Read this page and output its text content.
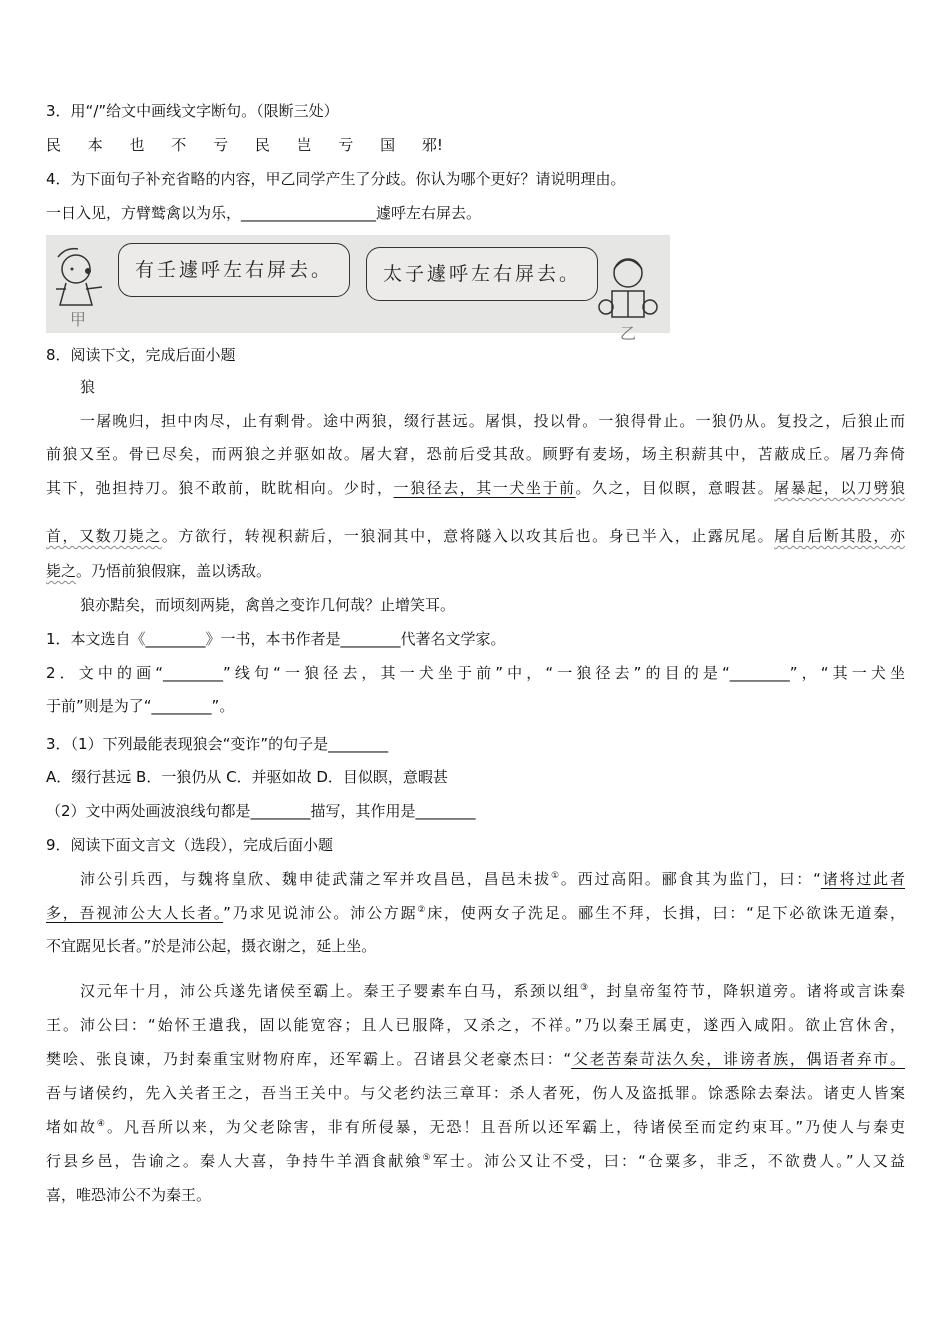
3．用“/”给文中画线文字断句。（限断三处）
民 本 也 不 亏 民 岂 亏 国 邪!
4．为下面句子补充省略的内容，甲乙同学产生了分歧。你认为哪个更好？请说明理由。
一日入见，方臂鹫禽以为乐，__________________遽呼左右屏去。
甲
有壬遽呼左右屏去。	太子遽呼左右屏去。
乙
8．阅读下文，完成后面小题
狼
一屠晚归，担中肉尽，止有剩骨。途中两狼，缀行甚远。屠惧，投以骨。一狼得骨止。一狼仍从。复投之，后狼止而
前狼又至。骨已尽矣，而两狼之并驱如故。屠大窘，恐前后受其敌。顾野有麦场，场主积薪其中，苫蔽成丘。屠乃奔倚
其下，弛担持刀。狼不敢前，眈眈相向。少时，一狼径去，其一犬坐于前。久之，目似瞑，意暇甚。屠暴起，以刀劈狼
首，又数刀毙之。方欲行，转视积薪后，一狼洞其中，意将隧入以攻其后也。身已半入，止露尻尾。屠自后断其股，亦
毙之。乃悟前狼假寐，盖以诱敌。
狼亦黠矣，而顷刻两毙，禽兽之变诈几何哉？止增笑耳。
1．本文选自《________》一书，本书作者是________代著名文学家。
2．文中的画“________”线句“一狼径去，其一犬坐于前”中，“一狼径去”的目的是“________”，“其一犬坐
于前”则是为了“________”。
3．（1）下列最能表现狼会“变诈”的句子是________
A．缀行甚远 B．一狼仍从 C．并驱如故 D．目似瞑，意暇甚
（2）文中两处画波浪线句都是________描写，其作用是________
9．阅读下面文言文（选段），完成后面小题
沛公引兵西，与魏将皇欣、魏申徒武蒲之军并攻昌邑，昌邑未拔①。西过高阳。郦食其为监门，曰：“诸将过此者
多，吾视沛公大人长者。”乃求见说沛公。沛公方踞②床，使两女子洗足。郦生不拜，长揖，曰：“足下必欲诛无道秦，
不宜踞见长者。”於是沛公起，摄衣谢之，延上坐。
汉元年十月，沛公兵遂先诸侯至霸上。秦王子婴素车白马，系颈以组③，封皇帝玺符节，降轵道旁。诸将或言诛秦
王。沛公曰：“始怀王遣我，固以能宽容；且人已服降，又杀之，不祥。”乃以秦王属吏，遂西入咸阳。欲止宫休舍，
樊哙、张良谏，乃封秦重宝财物府库，还军霸上。召诸县父老豪杰曰：“父老苦秦苛法久矣，诽谤者族，偶语者弃市。
吾与诸侯约，先入关者王之，吾当王关中。与父老约法三章耳：杀人者死，伤人及盗抵罪。馀悉除去秦法。诸吏人皆案
堵如故④。凡吾所以来，为父老除害，非有所侵暴，无恐！且吾所以还军霸上，待诸侯至而定约束耳。”乃使人与秦吏
行县乡邑，告谕之。秦人大喜，争持牛羊酒食献飨⑤军士。沛公又让不受，曰：“仓粟多，非乏，不欲费人。”人又益
喜，唯恐沛公不为秦王。
